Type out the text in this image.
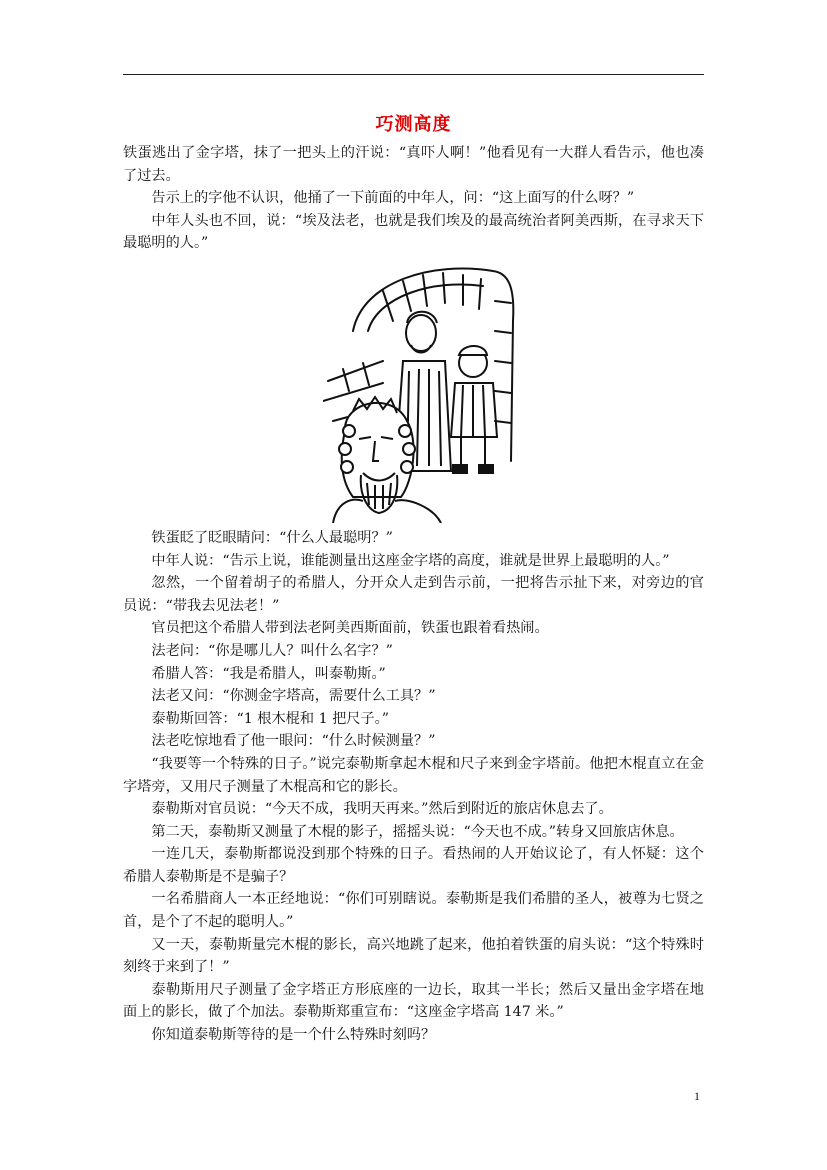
巧测高度

铁蛋逃出了金字塔，抹了一把头上的汗说：“真吓人啊！”他看见有一大群人看告示，他也凑了过去。

告示上的字他不认识，他捅了一下前面的中年人，问：“这上面写的什么呀？”

中年人头也不回，说：“埃及法老，也就是我们埃及的最高统治者阿美西斯，在寻求天下最聪明的人。”

铁蛋眨了眨眼睛问：“什么人最聪明？”

中年人说：“告示上说，谁能测量出这座金字塔的高度，谁就是世界上最聪明的人。”

忽然，一个留着胡子的希腊人，分开众人走到告示前，一把将告示扯下来，对旁边的官员说：“带我去见法老！”

官员把这个希腊人带到法老阿美西斯面前，铁蛋也跟着看热闹。

法老问：“你是哪儿人？叫什么名字？”

希腊人答：“我是希腊人，叫泰勒斯。”

法老又问：“你测金字塔高，需要什么工具？”

泰勒斯回答：“1 根木棍和 1 把尺子。”

法老吃惊地看了他一眼问：“什么时候测量？”

“我要等一个特殊的日子。”说完泰勒斯拿起木棍和尺子来到金字塔前。他把木棍直立在金字塔旁，又用尺子测量了木棍高和它的影长。

泰勒斯对官员说：“今天不成，我明天再来。”然后到附近的旅店休息去了。

第二天，泰勒斯又测量了木棍的影子，摇摇头说：“今天也不成。”转身又回旅店休息。

一连几天，泰勒斯都说没到那个特殊的日子。看热闹的人开始议论了，有人怀疑：这个希腊人泰勒斯是不是骗子？

一名希腊商人一本正经地说：“你们可别瞎说。泰勒斯是我们希腊的圣人，被尊为七贤之首，是个了不起的聪明人。”

又一天，泰勒斯量完木棍的影长，高兴地跳了起来，他拍着铁蛋的肩头说：“这个特殊时刻终于来到了！”

泰勒斯用尺子测量了金字塔正方形底座的一边长，取其一半长；然后又量出金字塔在地面上的影长，做了个加法。泰勒斯郑重宣布：“这座金字塔高 147 米。”

你知道泰勒斯等待的是一个什么特殊时刻吗？

1
